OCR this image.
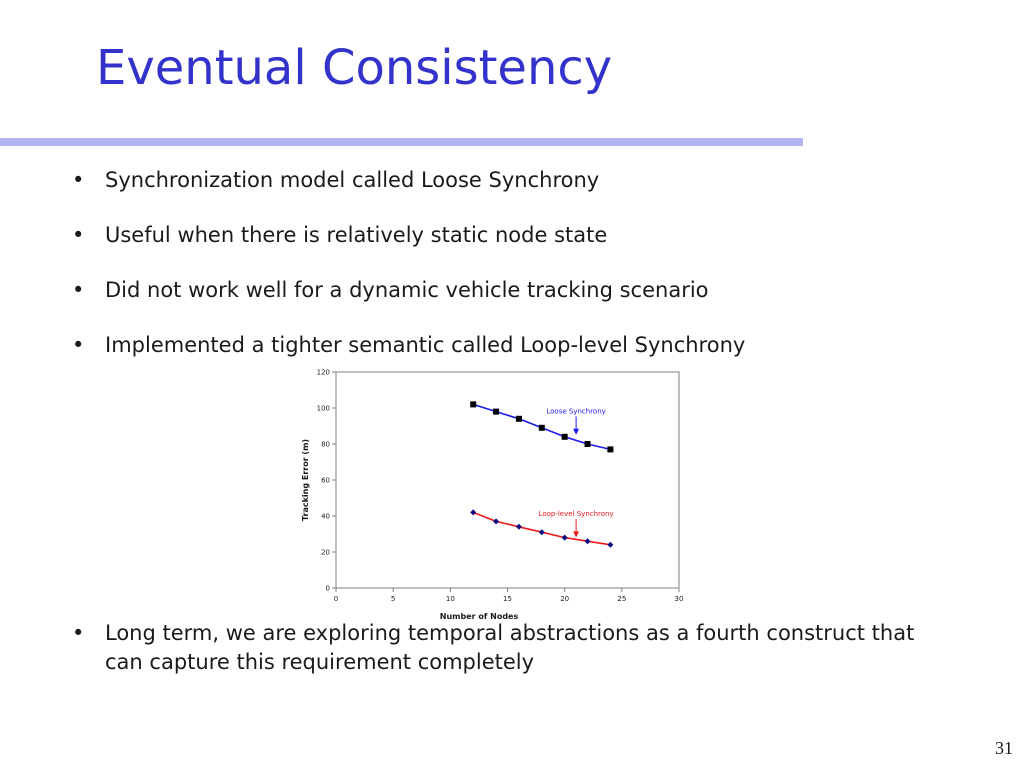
Eventual Consistency
• Synchronization model called Loose Synchrony
• Useful when there is relatively static node state
• Did not work well for a dynamic vehicle tracking scenario
• Implemented a tighter semantic called Loop-level Synchrony
0	5	10	15	20	25	30
0
20
40
60
80
100
120
Number of Nodes
Tracking Error (m)
Loose Synchrony
Loop-level Synchrony
• Long term, we are exploring temporal abstractions as a fourth construct that can capture this requirement completely
31
